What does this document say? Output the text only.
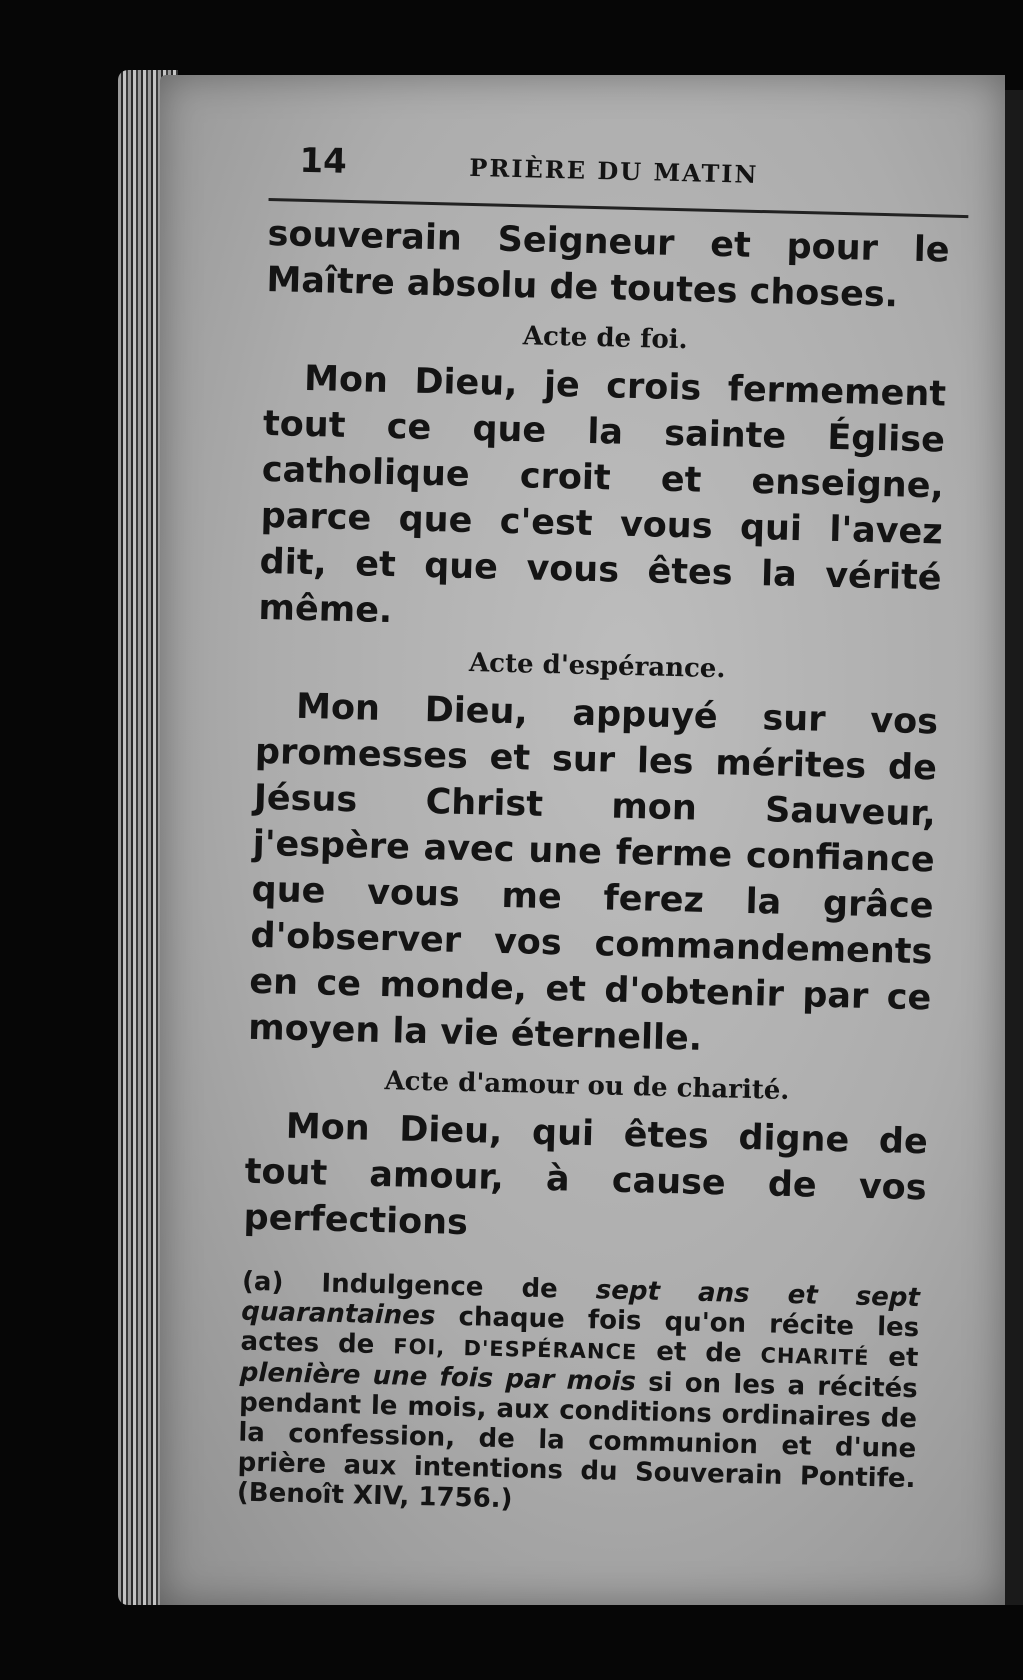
14	PRIÈRE DU MATIN

souverain Seigneur et pour le Maître absolu de toutes choses.

Acte de foi.

Mon Dieu, je crois fermement tout ce que la sainte Église catholique croit et enseigne, parce que c'est vous qui l'avez dit, et que vous êtes la vérité même.

Acte d'espérance.

Mon Dieu, appuyé sur vos promesses et sur les mérites de Jésus Christ mon Sauveur, j'espère avec une ferme confiance que vous me ferez la grâce d'observer vos commandements en ce monde, et d'obtenir par ce moyen la vie éternelle.

Acte d'amour ou de charité.

Mon Dieu, qui êtes digne de tout amour, à cause de vos perfections

(a) Indulgence de sept ans et sept quarantaines chaque fois qu'on récite les actes de FOI, D'ESPÉRANCE et de CHARITÉ et plenière une fois par mois si on les a récités pendant le mois, aux conditions ordinaires de la confession, de la communion et d'une prière aux intentions du Souverain Pontife. (Benoît XIV, 1756.)
